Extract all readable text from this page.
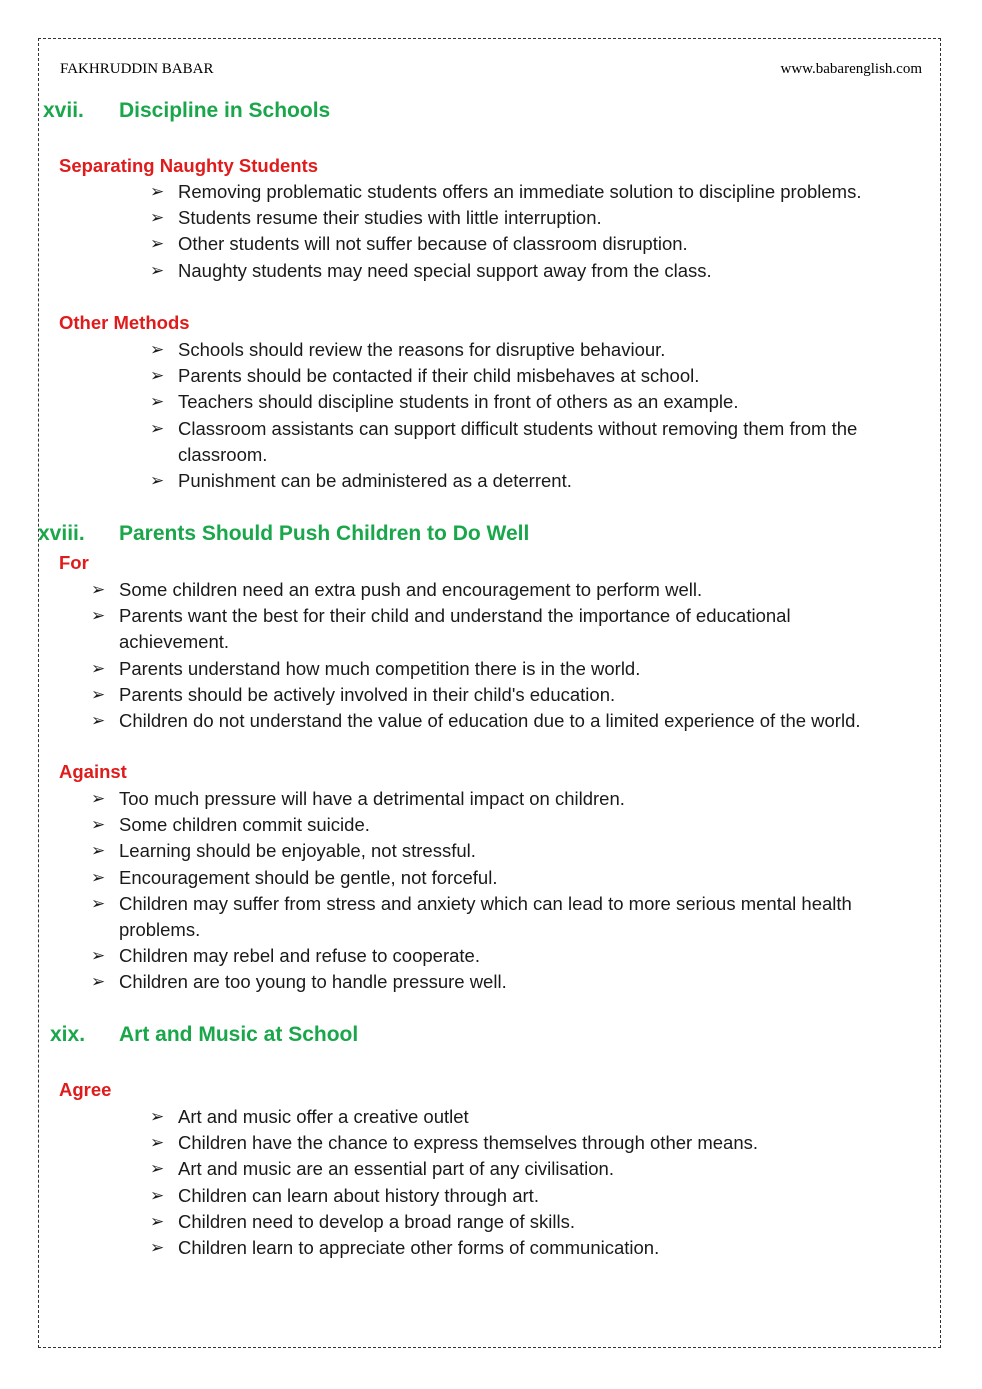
FAKHRUDDIN BABAR	www.babarenglish.com
xvii. Discipline in Schools
Separating Naughty Students
➢ Removing problematic students offers an immediate solution to discipline problems.
➢ Students resume their studies with little interruption.
➢ Other students will not suffer because of classroom disruption.
➢ Naughty students may need special support away from the class.
Other Methods
➢ Schools should review the reasons for disruptive behaviour.
➢ Parents should be contacted if their child misbehaves at school.
➢ Teachers should discipline students in front of others as an example.
➢ Classroom assistants can support difficult students without removing them from the classroom.
➢ Punishment can be administered as a deterrent.
xviii. Parents Should Push Children to Do Well
For
➢ Some children need an extra push and encouragement to perform well.
➢ Parents want the best for their child and understand the importance of educational achievement.
➢ Parents understand how much competition there is in the world.
➢ Parents should be actively involved in their child's education.
➢ Children do not understand the value of education due to a limited experience of the world.
Against
➢ Too much pressure will have a detrimental impact on children.
➢ Some children commit suicide.
➢ Learning should be enjoyable, not stressful.
➢ Encouragement should be gentle, not forceful.
➢ Children may suffer from stress and anxiety which can lead to more serious mental health problems.
➢ Children may rebel and refuse to cooperate.
➢ Children are too young to handle pressure well.
xix. Art and Music at School
Agree
➢ Art and music offer a creative outlet
➢ Children have the chance to express themselves through other means.
➢ Art and music are an essential part of any civilisation.
➢ Children can learn about history through art.
➢ Children need to develop a broad range of skills.
➢ Children learn to appreciate other forms of communication.
